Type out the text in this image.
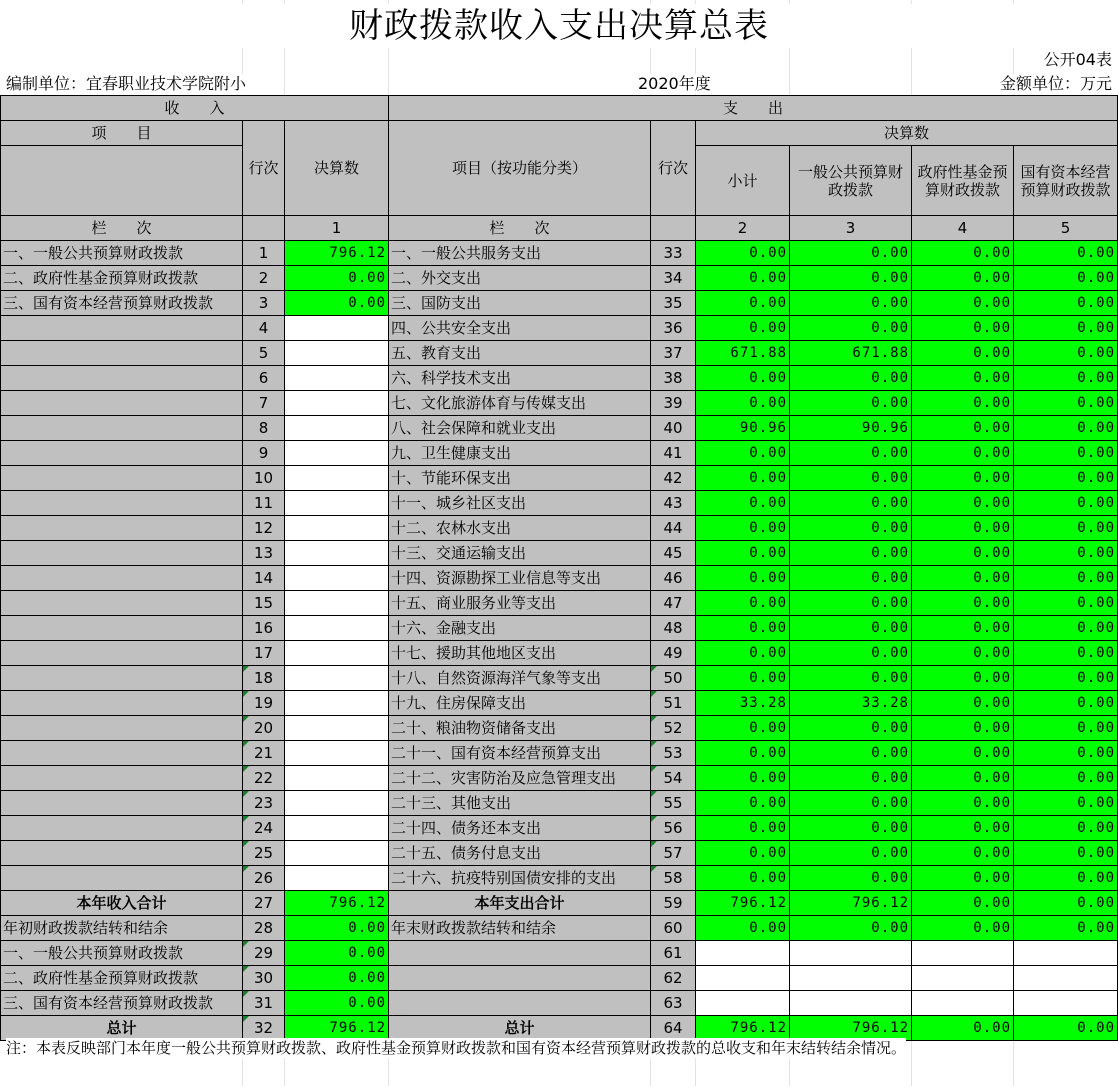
财政拨款收入支出决算总表
公开04表
编制单位：宜春职业技术学院附小	2020年度	金额单位：万元
收　　入			支　　出					
项　　目	行次	决算数	项目（按功能分类）	行次	决算数			
					小计	一般公共预算财政拨款	政府性基金预算财政拨款	国有资本经营预算财政拨款
栏　　次		1	栏　　次		2	3	4	5
一、一般公共预算财政拨款	1	796.12	一、一般公共服务支出	33	0.00	0.00	0.00	0.00
二、政府性基金预算财政拨款	2	0.00	二、外交支出	34	0.00	0.00	0.00	0.00
三、国有资本经营预算财政拨款	3	0.00	三、国防支出	35	0.00	0.00	0.00	0.00
	4		四、公共安全支出	36	0.00	0.00	0.00	0.00
	5		五、教育支出	37	671.88	671.88	0.00	0.00
	6		六、科学技术支出	38	0.00	0.00	0.00	0.00
	7		七、文化旅游体育与传媒支出	39	0.00	0.00	0.00	0.00
	8		八、社会保障和就业支出	40	90.96	90.96	0.00	0.00
	9		九、卫生健康支出	41	0.00	0.00	0.00	0.00
	10		十、节能环保支出	42	0.00	0.00	0.00	0.00
	11		十一、城乡社区支出	43	0.00	0.00	0.00	0.00
	12		十二、农林水支出	44	0.00	0.00	0.00	0.00
	13		十三、交通运输支出	45	0.00	0.00	0.00	0.00
	14		十四、资源勘探工业信息等支出	46	0.00	0.00	0.00	0.00
	15		十五、商业服务业等支出	47	0.00	0.00	0.00	0.00
	16		十六、金融支出	48	0.00	0.00	0.00	0.00
	17		十七、援助其他地区支出	49	0.00	0.00	0.00	0.00
	18		十八、自然资源海洋气象等支出	50	0.00	0.00	0.00	0.00
	19		十九、住房保障支出	51	33.28	33.28	0.00	0.00
	20		二十、粮油物资储备支出	52	0.00	0.00	0.00	0.00
	21		二十一、国有资本经营预算支出	53	0.00	0.00	0.00	0.00
	22		二十二、灾害防治及应急管理支出	54	0.00	0.00	0.00	0.00
	23		二十三、其他支出	55	0.00	0.00	0.00	0.00
	24		二十四、债务还本支出	56	0.00	0.00	0.00	0.00
	25		二十五、债务付息支出	57	0.00	0.00	0.00	0.00
	26		二十六、抗疫特别国债安排的支出	58	0.00	0.00	0.00	0.00
本年收入合计	27	796.12	本年支出合计	59	796.12	796.12	0.00	0.00
年初财政拨款结转和结余	28	0.00	年末财政拨款结转和结余	60	0.00	0.00	0.00	0.00
一、一般公共预算财政拨款	29	0.00		61				
二、政府性基金预算财政拨款	30	0.00		62				
三、国有资本经营预算财政拨款	31	0.00		63				
总计	32	796.12	总计	64	796.12	796.12	0.00	0.00
注：本表反映部门本年度一般公共预算财政拨款、政府性基金预算财政拨款和国有资本经营预算财政拨款的总收支和年末结转结余情况。
